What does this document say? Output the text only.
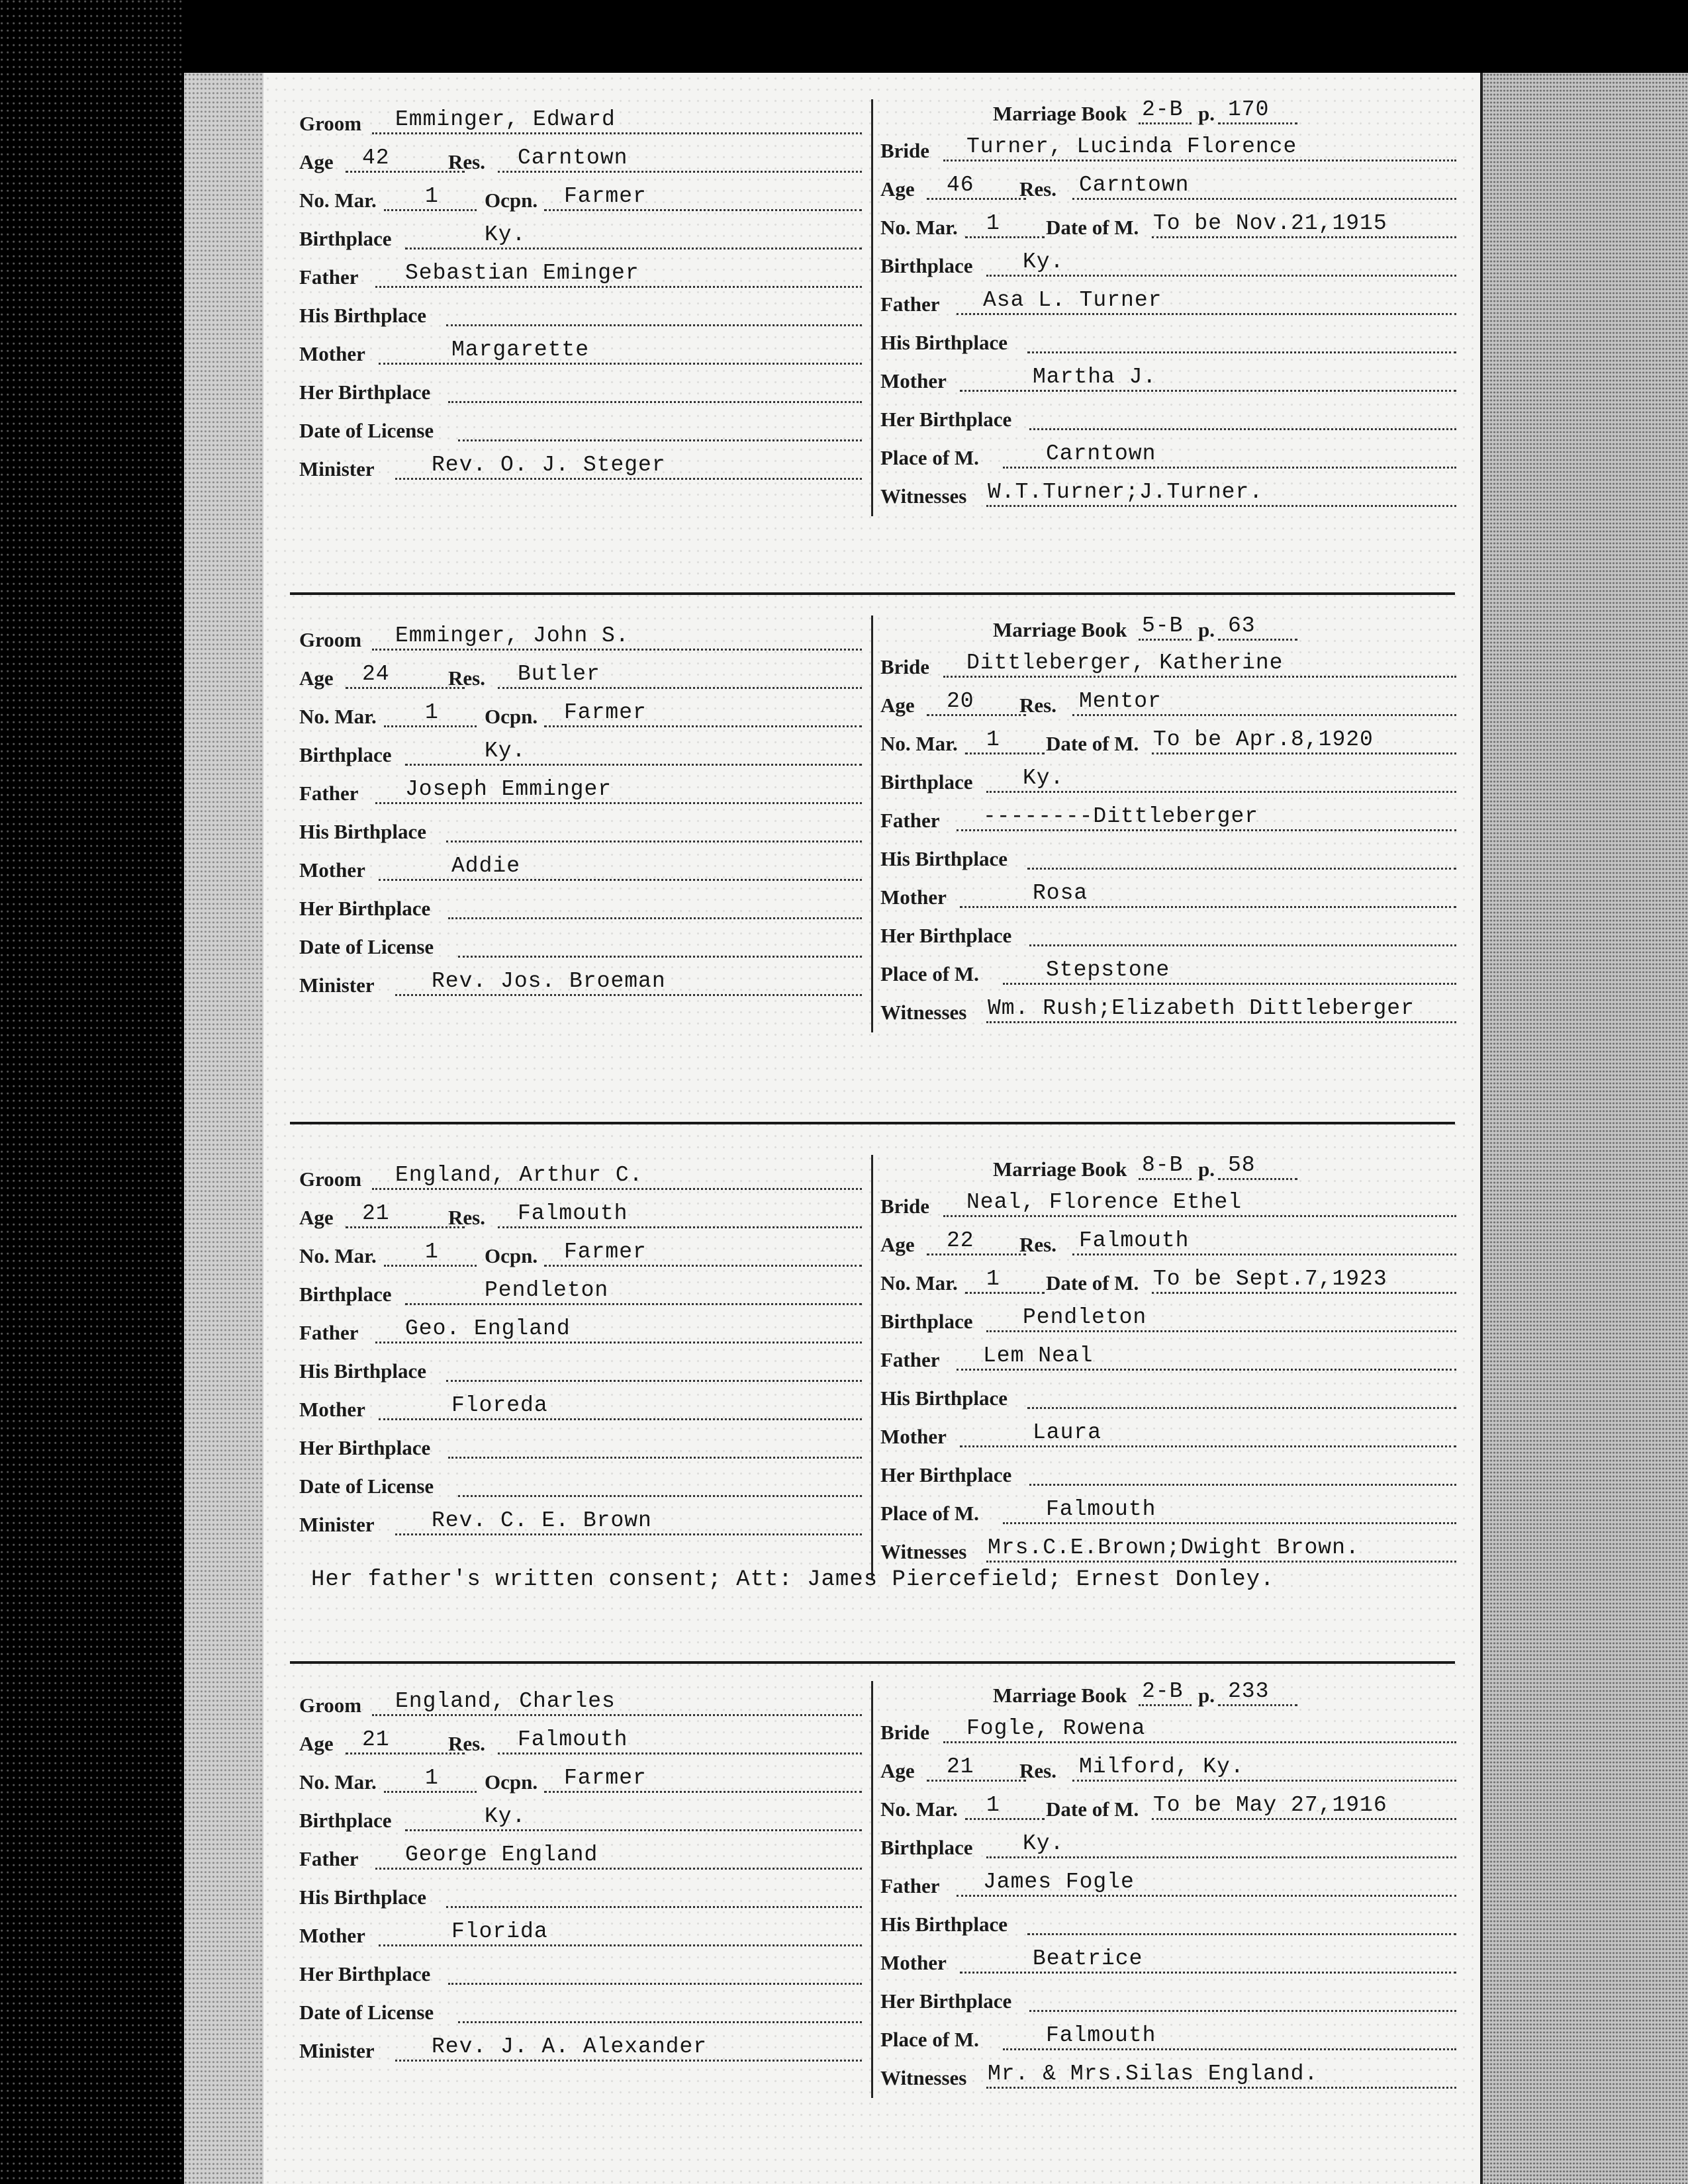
Groom Emminger, Edward
Age 42	Res. Carntown
No. Mar. 1 Ocpn. Farmer
Birthplace	Ky.
Father Sebastian Eminger
His Birthplace
Mother	Margarette
Her Birthplace
Date of License
Minister	Rev. O. J. Steger
Marriage Book 2-B p. 170
Bride Turner, Lucinda Florence
Age 46 Res. Carntown
No. Mar. 1 Date of M. To be Nov.21,1915
Birthplace Ky.
Father Asa L. Turner
His Birthplace
Mother	Martha J.
Her Birthplace
Place of M.	Carntown
Witnesses W.T.Turner;J.Turner.
Groom Emminger, John S.
Age 24	Res. Butler
No. Mar. 1 Ocpn. Farmer
Birthplace	Ky.
Father Joseph Emminger
His Birthplace
Mother	Addie
Her Birthplace
Date of License
Minister	Rev. Jos. Broeman
Marriage Book 5-B p. 63
Bride Dittleberger, Katherine
Age 20 Res. Mentor
No. Mar. 1 Date of M. To be Apr.8,1920
Birthplace Ky.
Father --------Dittleberger
His Birthplace
Mother	Rosa
Her Birthplace
Place of M.	Stepstone
Witnesses Wm. Rush;Elizabeth Dittleberger
Groom England, Arthur C.
Age 21	Res. Falmouth
No. Mar. 1 Ocpn. Farmer
Birthplace	Pendleton
Father Geo. England
His Birthplace
Mother	Floreda
Her Birthplace
Date of License
Minister	Rev. C. E. Brown
Marriage Book 8-B p. 58
Bride Neal, Florence Ethel
Age 22 Res. Falmouth
No. Mar. 1 Date of M. To be Sept.7,1923
Birthplace Pendleton
Father Lem Neal
His Birthplace
Mother	Laura
Her Birthplace
Place of M.	Falmouth
Witnesses Mrs.C.E.Brown;Dwight Brown.
Her father's written consent; Att: James Piercefield; Ernest Donley.
Groom England, Charles
Age 21	Res. Falmouth
No. Mar. 1 Ocpn. Farmer
Birthplace	Ky.
Father George England
His Birthplace
Mother	Florida
Her Birthplace
Date of License
Minister	Rev. J. A. Alexander
Marriage Book 2-B p. 233
Bride Fogle, Rowena
Age 21 Res. Milford, Ky.
No. Mar. 1 Date of M. To be May 27,1916
Birthplace Ky.
Father James Fogle
His Birthplace
Mother	Beatrice
Her Birthplace
Place of M.	Falmouth
Witnesses Mr. & Mrs.Silas England.
